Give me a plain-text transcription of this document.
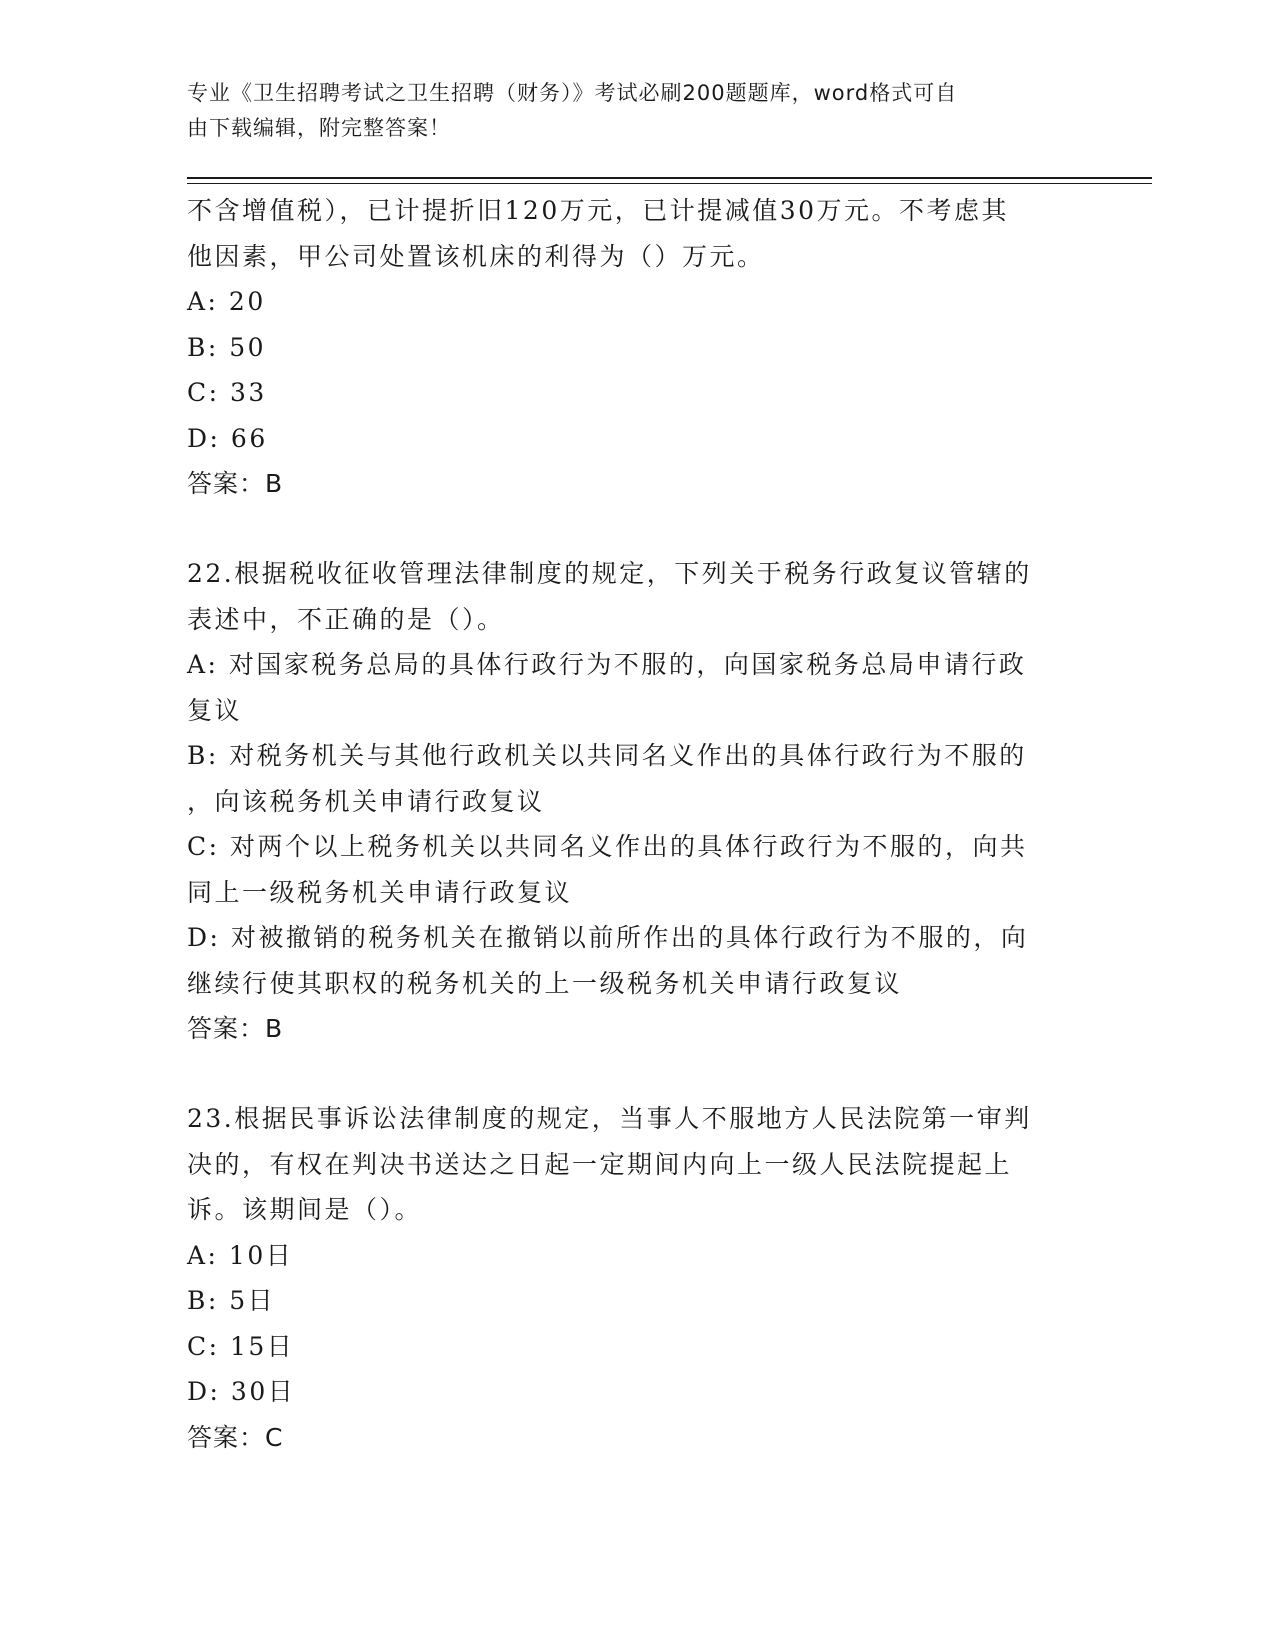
专业《卫生招聘考试之卫生招聘（财务）》考试必刷200题题库，word格式可自
由下载编辑，附完整答案！
不含增值税），已计提折旧120万元，已计提减值30万元。不考虑其
他因素，甲公司处置该机床的利得为（）万元。
A: 20
B: 50
C: 33
D: 66
答案：B
22.根据税收征收管理法律制度的规定，下列关于税务行政复议管辖的
表述中，不正确的是（）。
A: 对国家税务总局的具体行政行为不服的，向国家税务总局申请行政
复议
B: 对税务机关与其他行政机关以共同名义作出的具体行政行为不服的
，向该税务机关申请行政复议
C: 对两个以上税务机关以共同名义作出的具体行政行为不服的，向共
同上一级税务机关申请行政复议
D: 对被撤销的税务机关在撤销以前所作出的具体行政行为不服的，向
继续行使其职权的税务机关的上一级税务机关申请行政复议
答案：B
23.根据民事诉讼法律制度的规定，当事人不服地方人民法院第一审判
决的，有权在判决书送达之日起一定期间内向上一级人民法院提起上
诉。该期间是（）。
A: 10日
B: 5日
C: 15日
D: 30日
答案：C
